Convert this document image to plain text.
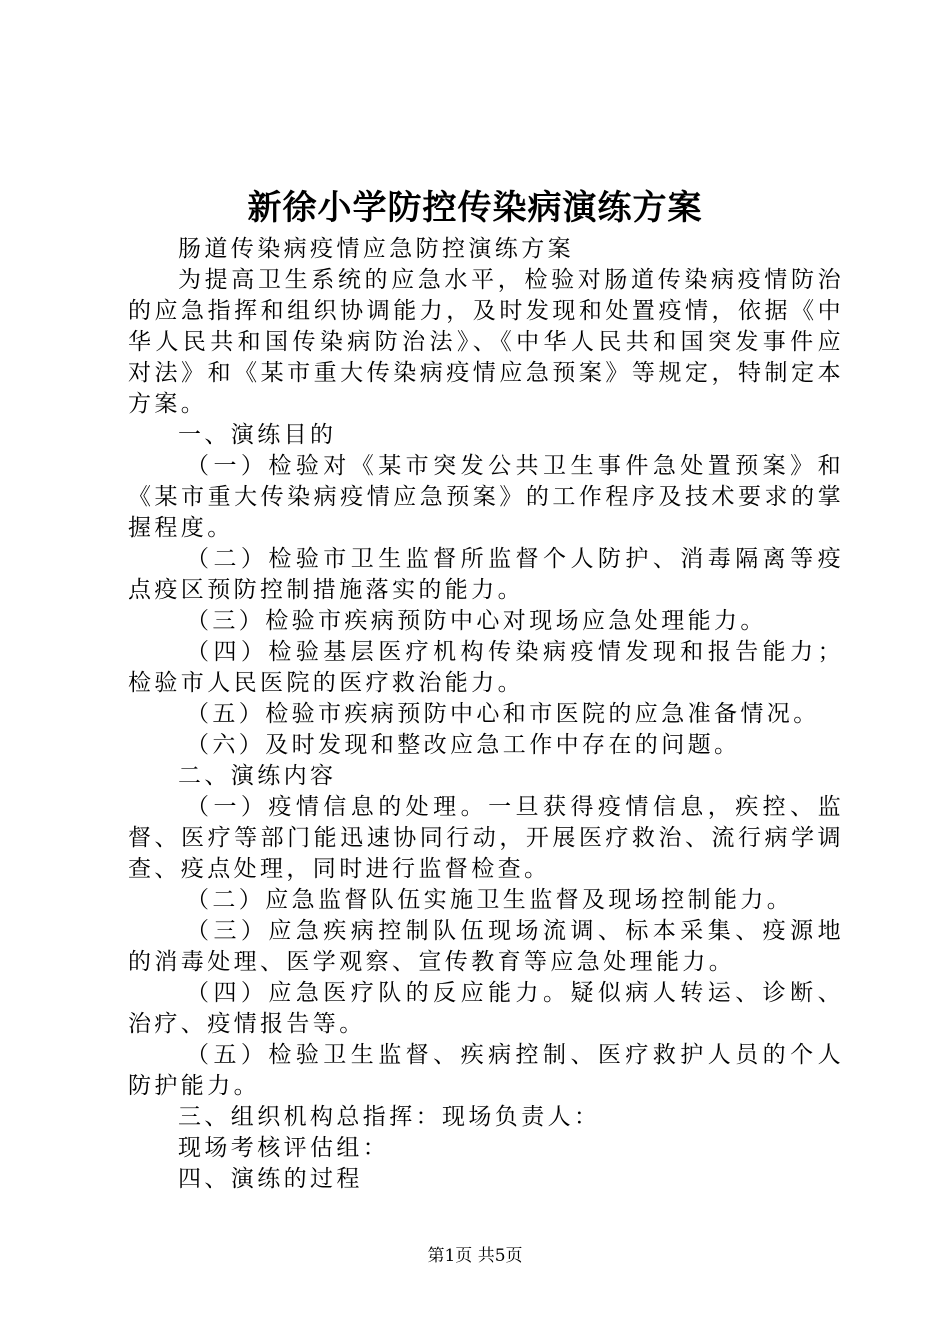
新徐小学防控传染病演练方案

肠道传染病疫情应急防控演练方案

为提高卫生系统的应急水平，检验对肠道传染病疫情防治的应急指挥和组织协调能力，及时发现和处置疫情，依据《中华人民共和国传染病防治法》、《中华人民共和国突发事件应对法》和《某市重大传染病疫情应急预案》等规定，特制定本方案。

一、演练目的

（一）检验对《某市突发公共卫生事件急处置预案》和《某市重大传染病疫情应急预案》的工作程序及技术要求的掌握程度。

（二）检验市卫生监督所监督个人防护、消毒隔离等疫点疫区预防控制措施落实的能力。

（三）检验市疾病预防中心对现场应急处理能力。

（四）检验基层医疗机构传染病疫情发现和报告能力；检验市人民医院的医疗救治能力。

（五）检验市疾病预防中心和市医院的应急准备情况。

（六）及时发现和整改应急工作中存在的问题。

二、演练内容

（一）疫情信息的处理。一旦获得疫情信息，疾控、监督、医疗等部门能迅速协同行动，开展医疗救治、流行病学调查、疫点处理，同时进行监督检查。

（二）应急监督队伍实施卫生监督及现场控制能力。

（三）应急疾病控制队伍现场流调、标本采集、疫源地的消毒处理、医学观察、宣传教育等应急处理能力。

（四）应急医疗队的反应能力。疑似病人转运、诊断、治疗、疫情报告等。

（五）检验卫生监督、疾病控制、医疗救护人员的个人防护能力。

三、组织机构总指挥：现场负责人：

现场考核评估组：

四、演练的过程

第1页 共5页
